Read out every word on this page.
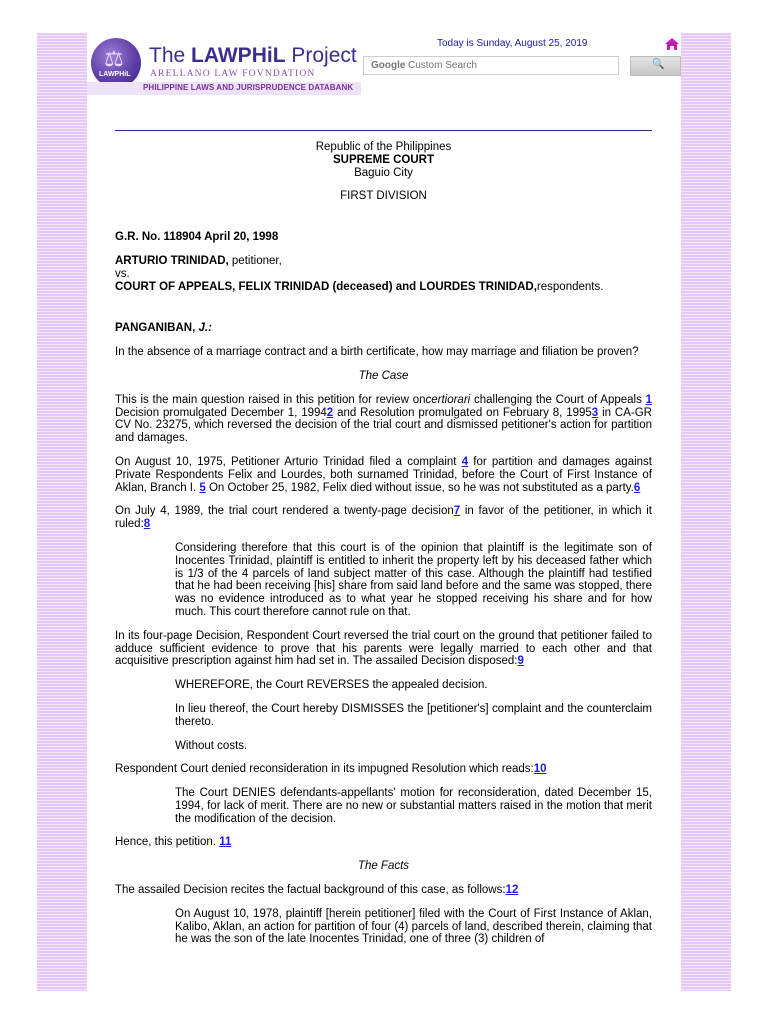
⚖
LAWPHiL
The LAWPHiL Project
ARELLANO LAW FOVNDATION
PHILIPPINE LAWS AND JURISPRUDENCE DATABANK
Today is Sunday, August 25, 2019
Google
Custom Search	🔍

Republic of the Philippines

SUPREME COURT

Baguio City

FIRST DIVISION

G.R. No. 118904 April 20, 1998

ARTURIO TRINIDAD, petitioner,

vs.

COURT OF APPEALS, FELIX TRINIDAD (deceased) and LOURDES TRINIDAD,respondents.

PANGANIBAN, J.:

In the absence of a marriage contract and a birth certificate, how may marriage and filiation be proven?

The Case

This is the main question raised in this petition for review oncertiorari challenging the Court of Appeals 1 Decision promulgated December 1, 19942 and Resolution promulgated on February 8, 19953 in CA-GR CV No. 23275, which reversed the decision of the trial court and dismissed petitioner's action for partition and damages.

On August 10, 1975, Petitioner Arturio Trinidad filed a complaint 4 for partition and damages against Private Respondents Felix and Lourdes, both surnamed Trinidad, before the Court of First Instance of Aklan, Branch I. 5 On October 25, 1982, Felix died without issue, so he was not substituted as a party.6

On July 4, 1989, the trial court rendered a twenty-page decision7 in favor of the petitioner, in which it ruled:8

Considering therefore that this court is of the opinion that plaintiff is the legitimate son of Inocentes Trinidad, plaintiff is entitled to inherit the property left by his deceased father which is 1/3 of the 4 parcels of land subject matter of this case. Although the plaintiff had testified that he had been receiving [his] share from said land before and the same was stopped, there was no evidence introduced as to what year he stopped receiving his share and for how much. This court therefore cannot rule on that.

In its four-page Decision, Respondent Court reversed the trial court on the ground that petitioner failed to adduce sufficient evidence to prove that his parents were legally married to each other and that acquisitive prescription against him had set in. The assailed Decision disposed:9

WHEREFORE, the Court REVERSES the appealed decision.

In lieu thereof, the Court hereby DISMISSES the [petitioner's] complaint and the counterclaim thereto.

Without costs.

Respondent Court denied reconsideration in its impugned Resolution which reads:10

The Court DENIES defendants-appellants' motion for reconsideration, dated December 15, 1994, for lack of merit. There are no new or substantial matters raised in the motion that merit the modification of the decision.

Hence, this petition. 11

The Facts

The assailed Decision recites the factual background of this case, as follows:12

On August 10, 1978, plaintiff [herein petitioner] filed with the Court of First Instance of Aklan, Kalibo, Aklan, an action for partition of four (4) parcels of land, described therein, claiming that he was the son of the late Inocentes Trinidad, one of three (3) children of
